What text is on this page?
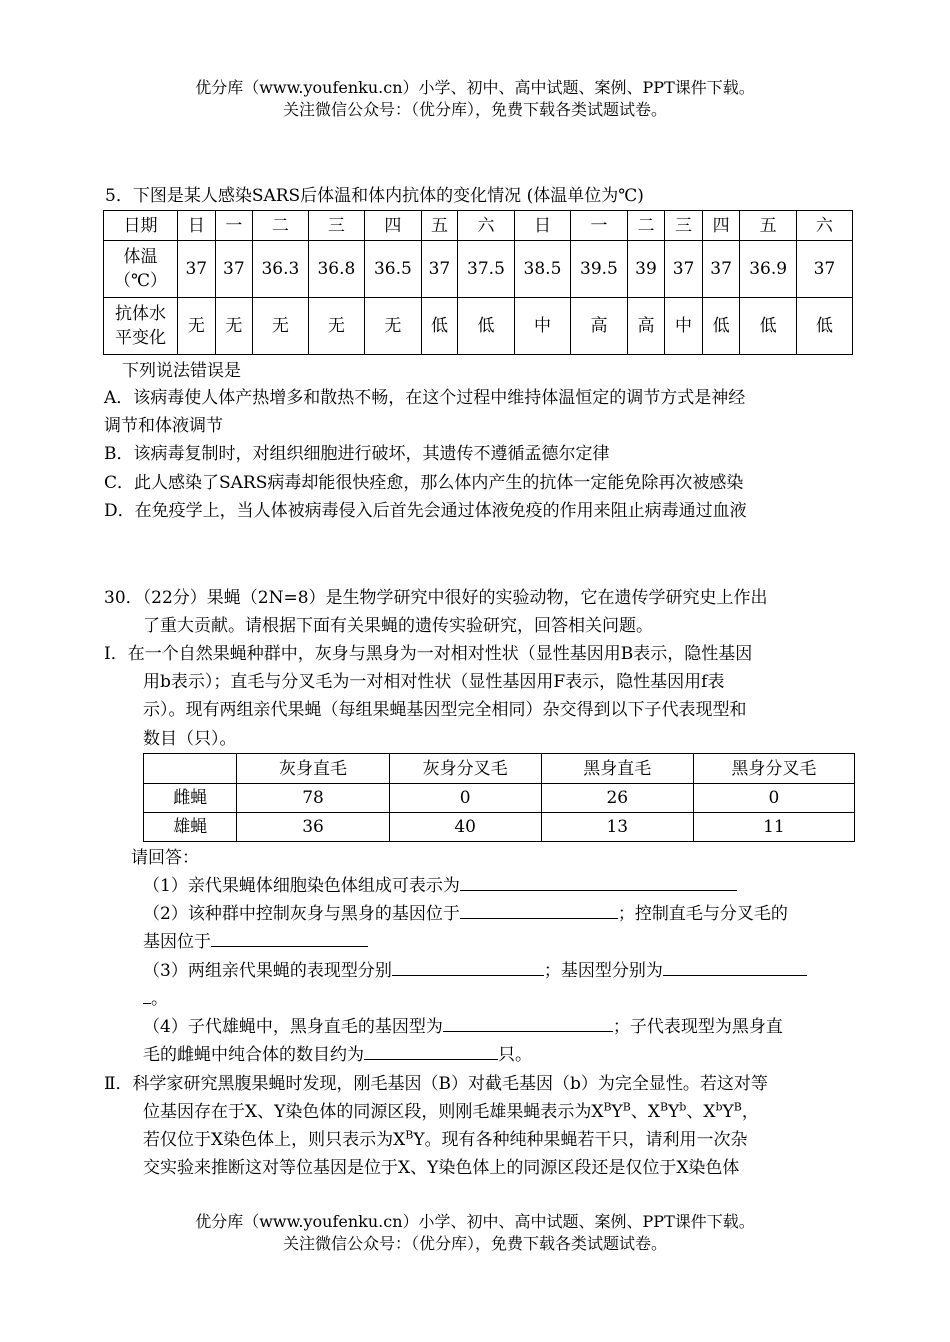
优分库（www.youfenku.cn）小学、初中、高中试题、案例、PPT课件下载。
关注微信公众号：（优分库），免费下载各类试题试卷。
5．下图是某人感染SARS后体温和体内抗体的变化情况 (体温单位为℃)
日期	日	一	二	三	四	五	六	日	一	二	三	四	五	六
体温（℃）	37	37	36.3	36.8	36.5	37	37.5	38.5	39.5	39	37	37	36.9	37
抗体水平变化	无	无	无	无	无	低	低	中	高	高	中	低	低	低
下列说法错误是
A．该病毒使人体产热增多和散热不畅，在这个过程中维持体温恒定的调节方式是神经
调节和体液调节
B．该病毒复制时，对组织细胞进行破坏，其遗传不遵循孟德尔定律
C．此人感染了SARS病毒却能很快痊愈，那么体内产生的抗体一定能免除再次被感染
D．在免疫学上，当人体被病毒侵入后首先会通过体液免疫的作用来阻止病毒通过血液
30．（22分）果蝇（2N=8）是生物学研究中很好的实验动物，它在遗传学研究史上作出
了重大贡献。请根据下面有关果蝇的遗传实验研究，回答相关问题。
Ⅰ．在一个自然果蝇种群中，灰身与黑身为一对相对性状（显性基因用B表示，隐性基因
用b表示）；直毛与分叉毛为一对相对性状（显性基因用F表示，隐性基因用f表
示）。现有两组亲代果蝇（每组果蝇基因型完全相同）杂交得到以下子代表现型和
数目（只）。
	灰身直毛	灰身分叉毛	黑身直毛	黑身分叉毛
雌蝇	78	0	26	0
雄蝇	36	40	13	11
请回答：
（1）亲代果蝇体细胞染色体组成可表示为
（2）该种群中控制灰身与黑身的基因位于	；控制直毛与分叉毛的
基因位于
（3）两组亲代果蝇的表现型分别	；基因型分别为
。
（4）子代雄蝇中，黑身直毛的基因型为	；子代表现型为黑身直
毛的雌蝇中纯合体的数目约为	只。
Ⅱ．科学家研究黑腹果蝇时发现，刚毛基因（B）对截毛基因（b）为完全显性。若这对等
位基因存在于X、Y染色体的同源区段，则刚毛雄果蝇表示为$X^BY^B$、$X^BY^b$、$X^bY^B$，
若仅位于X染色体上，则只表示为$X^BY$。现有各种纯种果蝇若干只，请利用一次杂
交实验来推断这对等位基因是位于X、Y染色体上的同源区段还是仅位于X染色体
优分库（www.youfenku.cn）小学、初中、高中试题、案例、PPT课件下载。
关注微信公众号：（优分库），免费下载各类试题试卷。
